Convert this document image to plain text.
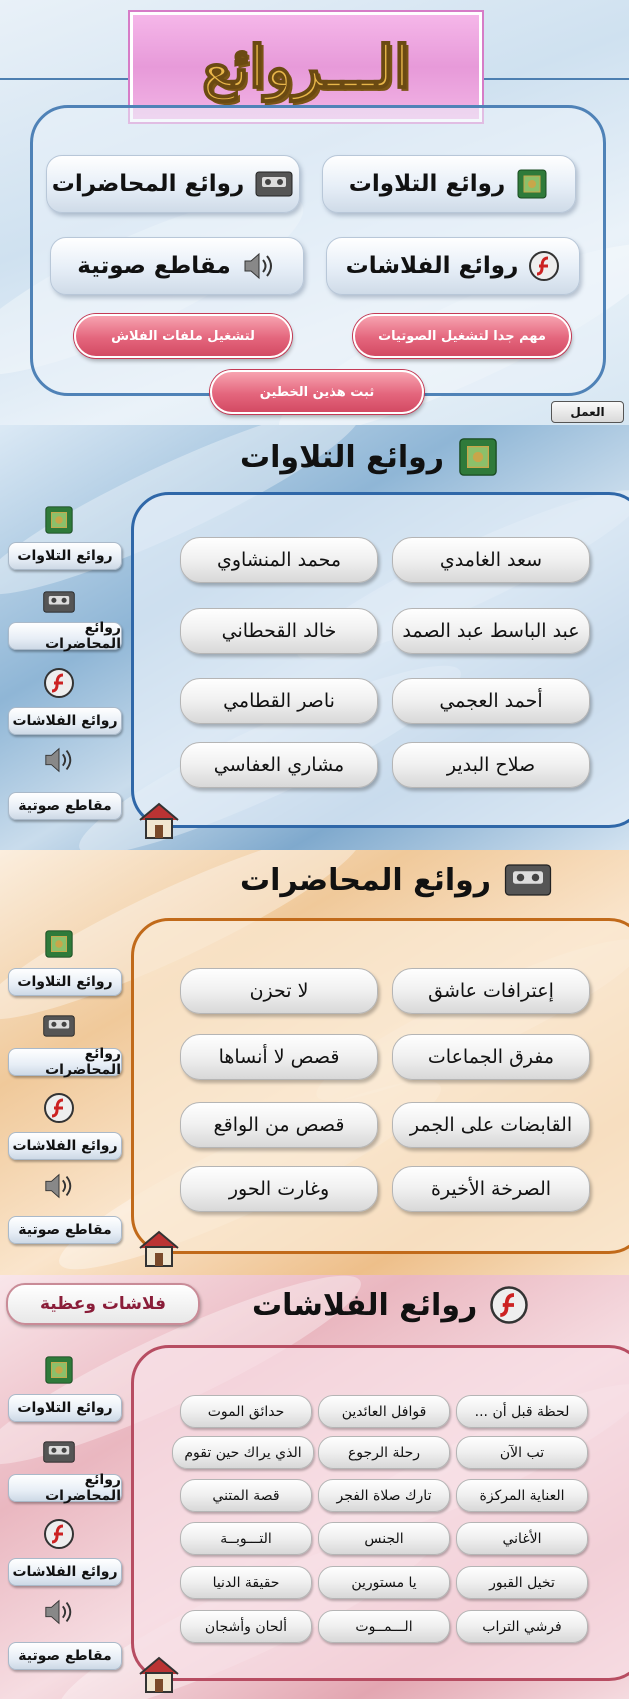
الـــروائع
روائع التلاوات
روائع المحاضرات
روائع الفلاشات
مقاطع صوتية
مهم جدا لتشغيل الصوتيات
لتشغيل ملفات الفلاش
ثبت هذين الخطين
العمل
روائع التلاوات
سعد الغامدي
محمد المنشاوي
عبد الباسط عبد الصمد
خالد القحطاني
أحمد العجمي
ناصر القطامي
صلاح البدير
مشاري العفاسي
روائع التلاوات
روائع المحاضرات
روائع الفلاشات
مقاطع صوتية
روائع المحاضرات
إعترافات عاشق
لا تحزن
مفرق الجماعات
قصص لا أنساها
القابضات على الجمر
قصص من الواقع
الصرخة الأخيرة
وغارت الحور
روائع التلاوات
روائع المحاضرات
روائع الفلاشات
مقاطع صوتية
فلاشات وعظية	روائع الفلاشات
لحظة قبل أن ...
قوافل العائدين
حدائق الموت
تب الآن
رحلة الرجوع
الذي يراك حين تقوم
العناية المركزة
تارك صلاة الفجر
قصة المتني
الأغاني
الجنس
التـــوبــة
تخيل القبور
يا مستورين
حقيقة الدنيا
فرشي التراب
الـــمــوت
ألحان وأشجان
روائع التلاوات
روائع المحاضرات
روائع الفلاشات
مقاطع صوتية
